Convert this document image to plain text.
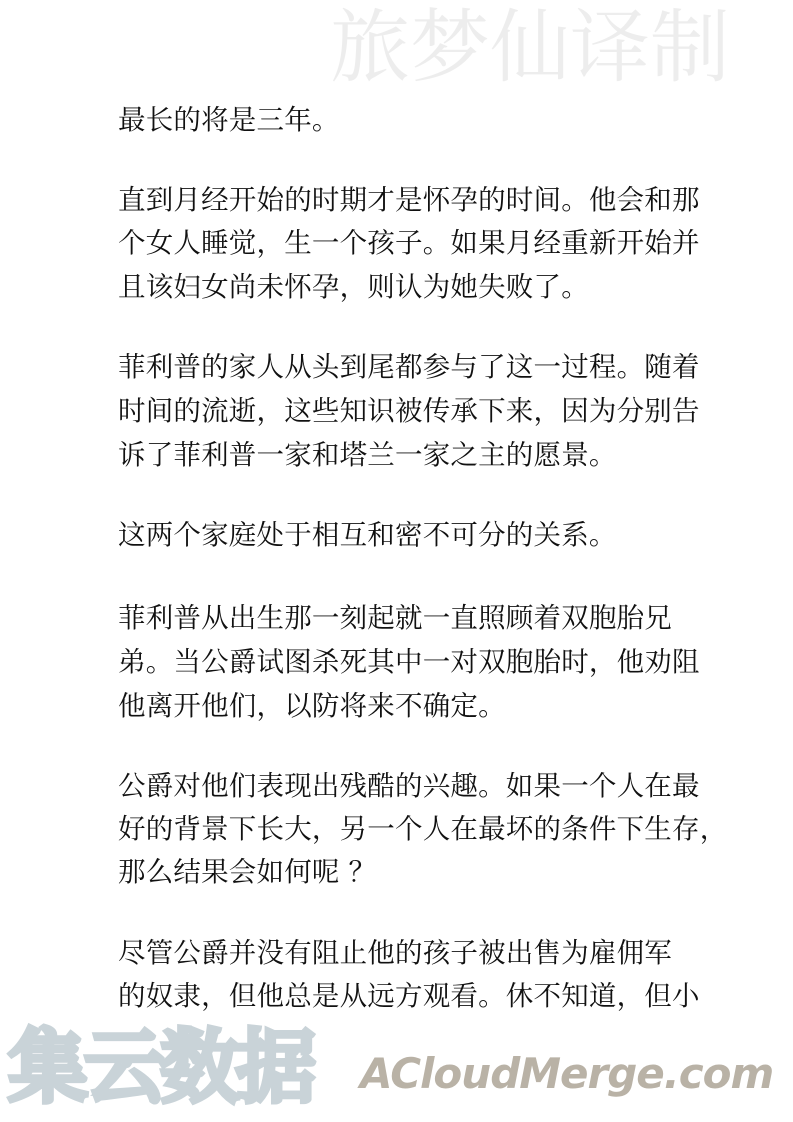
旅梦仙译制
最长的将是三年。
直到月经开始的时期才是怀孕的时间。他会和那
个女人睡觉，生一个孩子。如果月经重新开始并
且该妇女尚未怀孕，则认为她失败了。
菲利普的家人从头到尾都参与了这一过程。随着
时间的流逝，这些知识被传承下来，因为分别告
诉了菲利普一家和塔兰一家之主的愿景。
这两个家庭处于相互和密不可分的关系。
菲利普从出生那一刻起就一直照顾着双胞胎兄
弟。当公爵试图杀死其中一对双胞胎时，他劝阻
他离开他们，以防将来不确定。
公爵对他们表现出残酷的兴趣。如果一个人在最
好的背景下长大，另一个人在最坏的条件下生存，
那么结果会如何呢 ？
尽管公爵并没有阻止他的孩子被出售为雇佣军
的奴隶，但他总是从远方观看。休不知道，但小
集云数据 ACloudMerge.com
